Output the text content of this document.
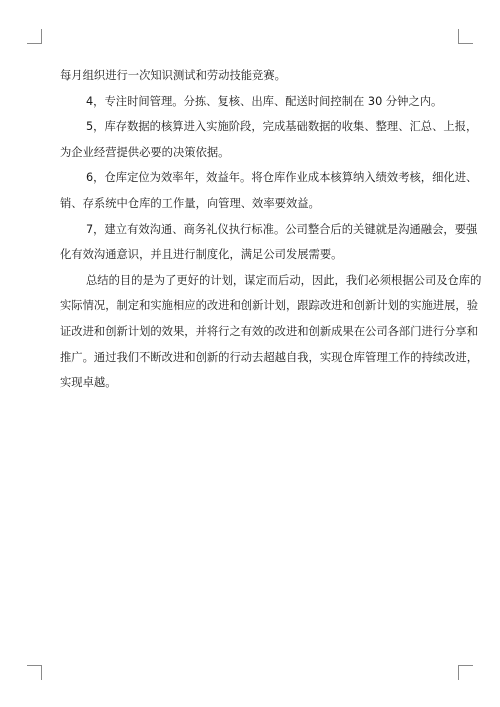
每月组织进行一次知识测试和劳动技能竞赛。
4，专注时间管理。分拣、复核、出库、配送时间控制在 30 分钟之内。
5，库存数据的核算进入实施阶段，完成基础数据的收集、整理、汇总、上报，
为企业经营提供必要的决策依据。
6，仓库定位为效率年，效益年。将仓库作业成本核算纳入绩效考核，细化进、
销、存系统中仓库的工作量，向管理、效率要效益。
7，建立有效沟通、商务礼仪执行标准。公司整合后的关键就是沟通融会，要强
化有效沟通意识，并且进行制度化，满足公司发展需要。
总结的目的是为了更好的计划，谋定而后动，因此，我们必须根据公司及仓库的
实际情况，制定和实施相应的改进和创新计划，跟踪改进和创新计划的实施进展，验
证改进和创新计划的效果，并将行之有效的改进和创新成果在公司各部门进行分享和
推广。通过我们不断改进和创新的行动去超越自我，实现仓库管理工作的持续改进，
实现卓越。
